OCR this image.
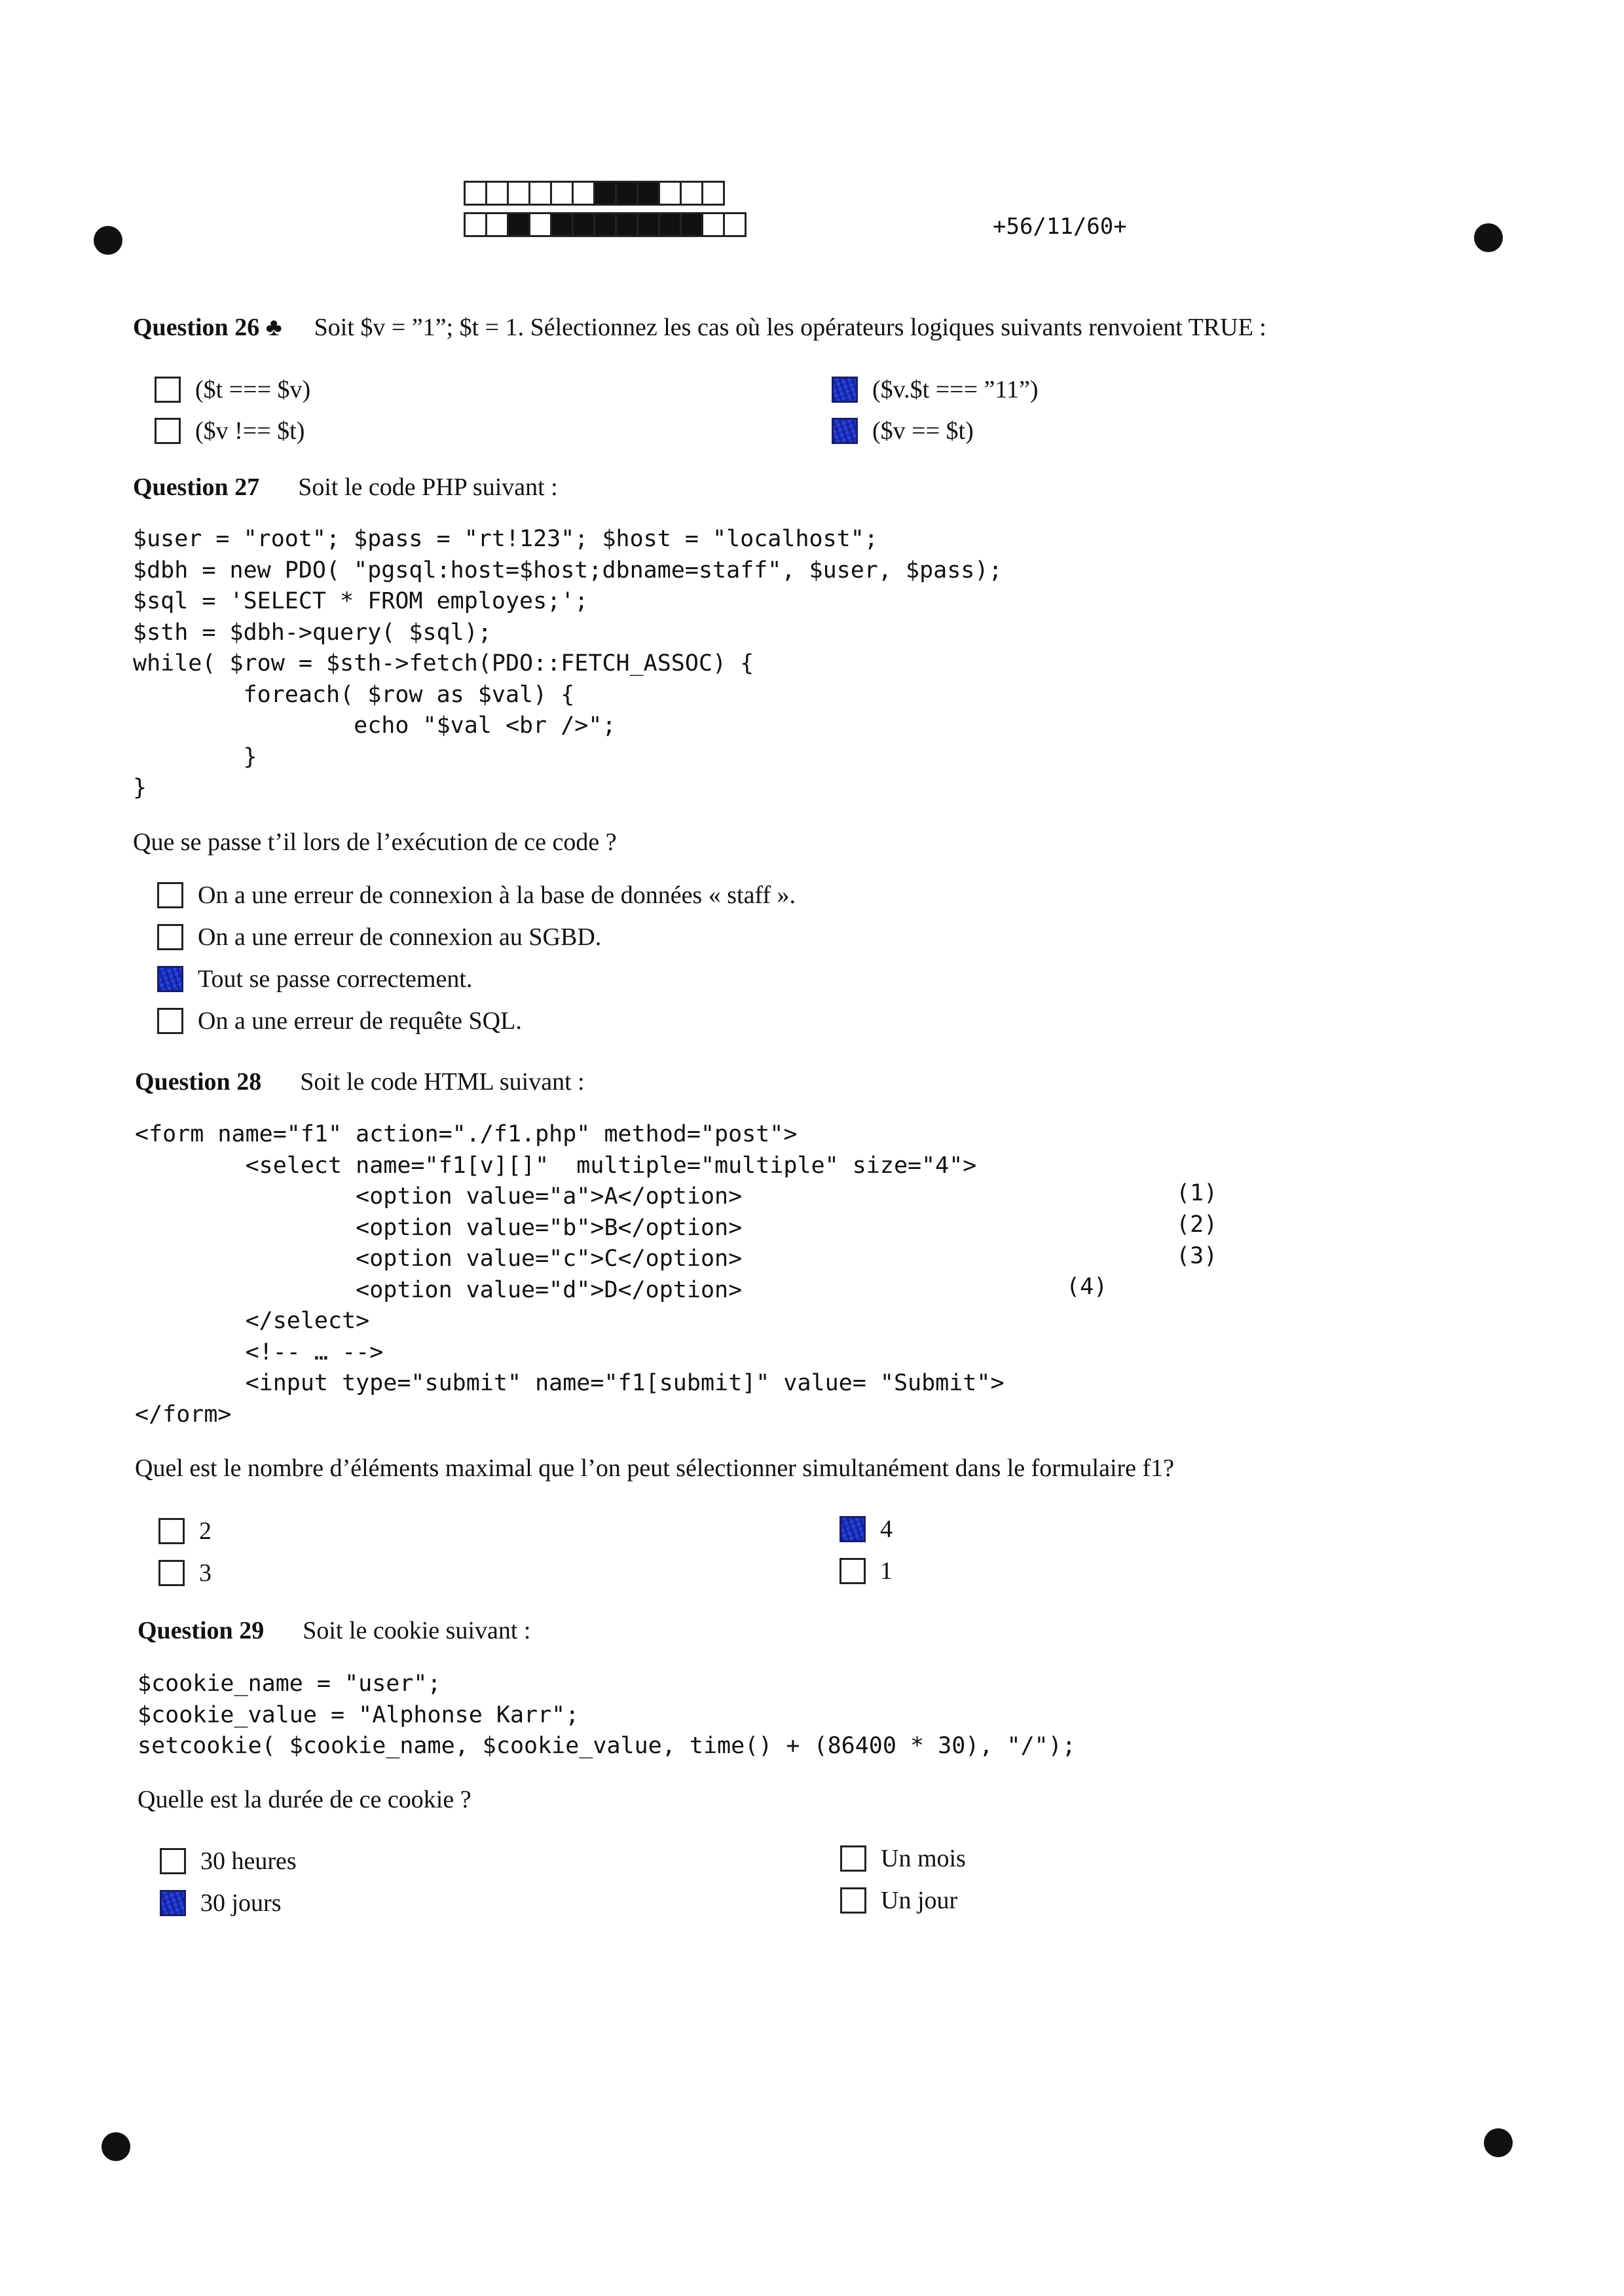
+56/11/60+
Question 26 ♣ Soit $v = ”1”; $t = 1. Sélectionnez les cas où les opérateurs logiques suivants renvoient TRUE :
($t === $v)
($v !== $t)
($v.$t === ”11”)
($v == $t)
Question 27 Soit le code PHP suivant :
$user = "root"; $pass = "rt!123"; $host = "localhost";
$dbh = new PDO( "pgsql:host=$host;dbname=staff", $user, $pass);
$sql = 'SELECT * FROM employes;';
$sth = $dbh->query( $sql);
while( $row = $sth->fetch(PDO::FETCH_ASSOC) {
foreach( $row as $val) {
echo "$val <br />";
}
}
Que se passe t’il lors de l’exécution de ce code ?
On a une erreur de connexion à la base de données « staff ».
On a une erreur de connexion au SGBD.
Tout se passe correctement.
On a une erreur de requête SQL.
Question 28 Soit le code HTML suivant :
<form name="f1" action="./f1.php" method="post">
<select name="f1[v][]"  multiple="multiple" size="4">
<option value="a">A</option>
<option value="b">B</option>
<option value="c">C</option>
<option value="d">D</option>
</select>
<!-- … -->
<input type="submit" name="f1[submit]" value= "Submit">
</form>
(1)
(2)
(3)
(4)
Quel est le nombre d’éléments maximal que l’on peut sélectionner simultanément dans le formulaire f1?
2
3
4
1
Question 29 Soit le cookie suivant :
$cookie_name = "user";
$cookie_value = "Alphonse Karr";
setcookie( $cookie_name, $cookie_value, time() + (86400 * 30), "/");
Quelle est la durée de ce cookie ?
30 heures
30 jours
Un mois
Un jour
